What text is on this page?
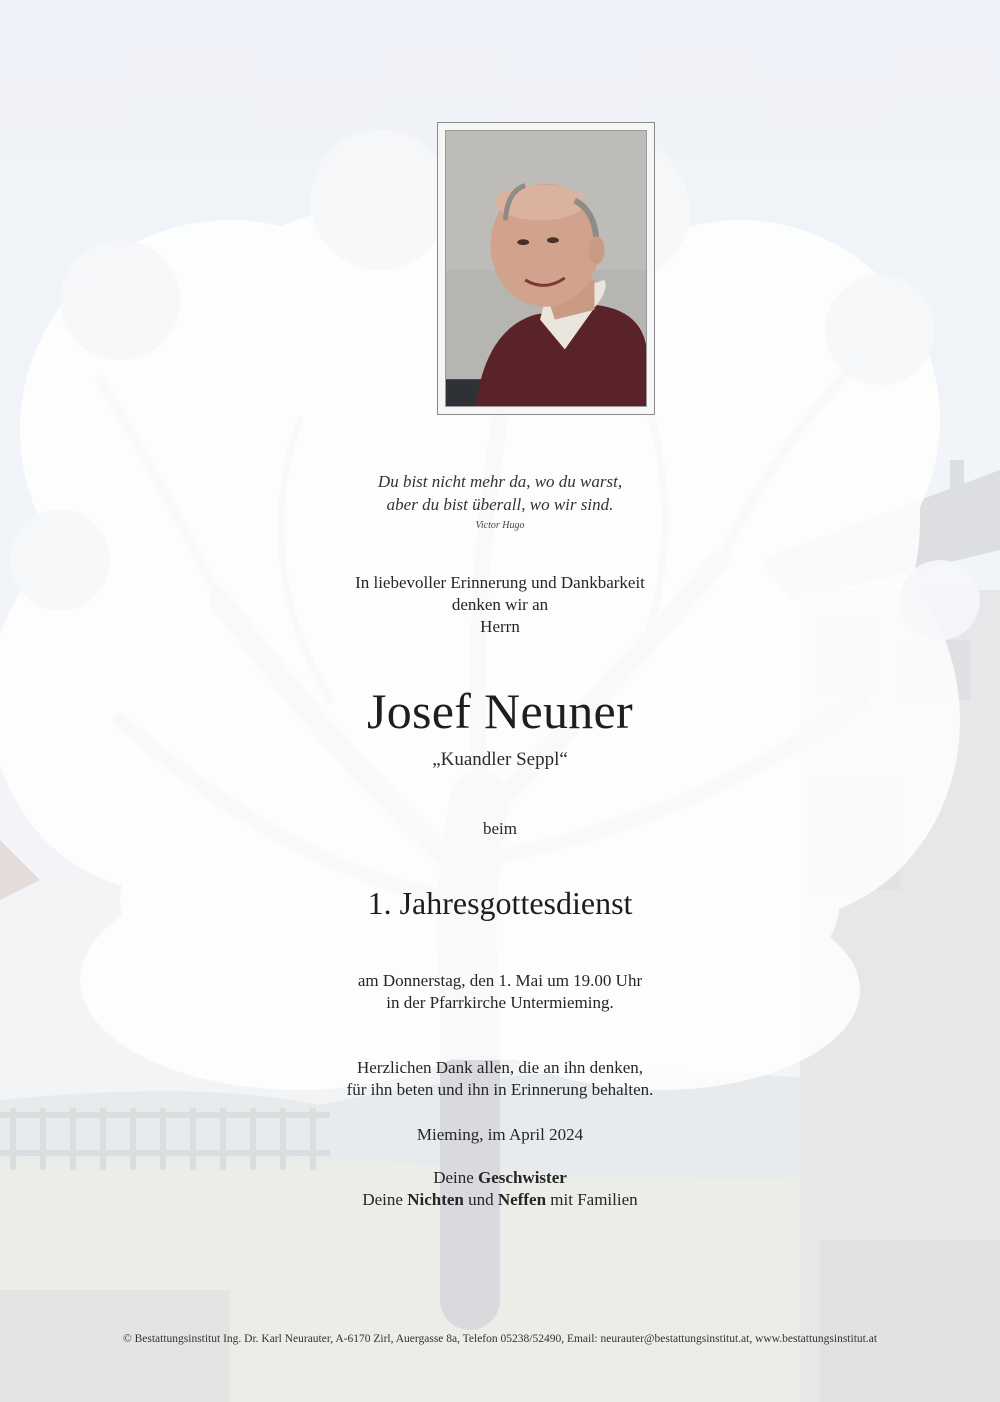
Du bist nicht mehr da, wo du warst,
aber du bist überall, wo wir sind.
Victor Hugo
In liebevoller Erinnerung und Dankbarkeit
denken wir an
Herrn
Josef Neuner
„Kuandler Seppl“
beim
1. Jahresgottesdienst
am Donnerstag, den 1. Mai um 19.00 Uhr
in der Pfarrkirche Untermieming.
Herzlichen Dank allen, die an ihn denken,
für ihn beten und ihn in Erinnerung behalten.
Mieming, im April 2024
Deine Geschwister
Deine Nichten und Neffen mit Familien
© Bestattungsinstitut Ing. Dr. Karl Neurauter, A-6170 Zirl, Auergasse 8a, Telefon 05238/52490, Email: neurauter@bestattungsinstitut.at, www.bestattungsinstitut.at
